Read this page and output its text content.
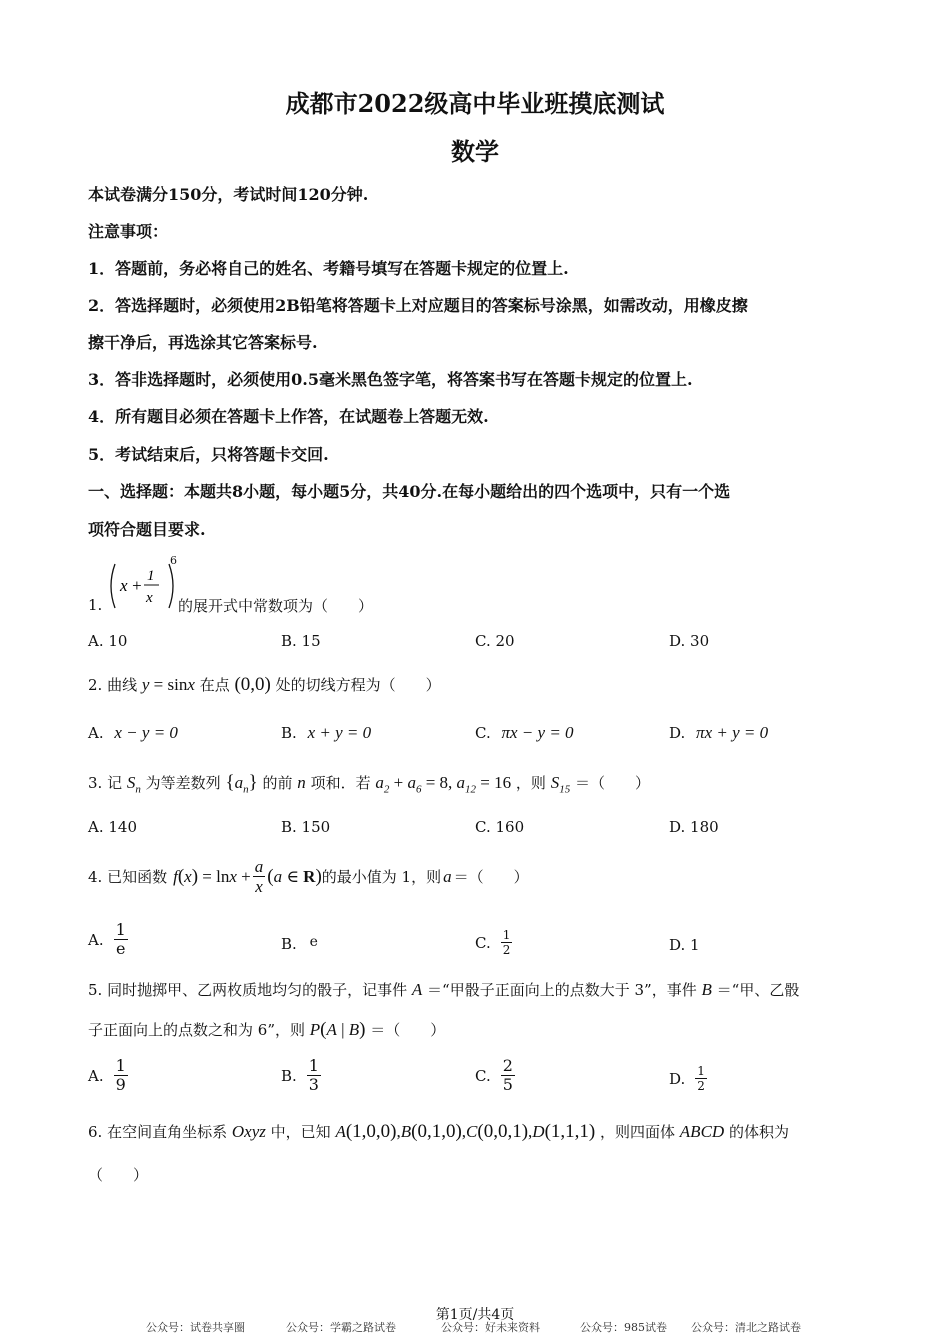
成都市2022级高中毕业班摸底测试
数学
本试卷满分150分，考试时间120分钟.
注意事项：
1．答题前，务必将自己的姓名、考籍号填写在答题卡规定的位置上.
2．答选择题时，必须使用2B铅笔将答题卡上对应题目的答案标号涂黑，如需改动，用橡皮擦
擦干净后，再选涂其它答案标号.
3．答非选择题时，必须使用0.5毫米黑色签字笔，将答案书写在答题卡规定的位置上.
4．所有题目必须在答题卡上作答，在试题卷上答题无效.
5．考试结束后，只将答题卡交回.
一、选择题：本题共8小题，每小题5分，共40分.在每小题给出的四个选项中，只有一个选
项符合题目要求.
1.
x + 1
x
6
的展开式中常数项为（　　）
A. 10	B. 15	C. 20	D. 30
2. 曲线 y = sinx 在点 (0,0) 处的切线方程为（　　）
A. x − y = 0	B. x + y = 0	C. πx − y = 0	D. πx + y = 0
3. 记 $S_n$ 为等差数列 $\{a_n\}$ 的前 n 项和．若 $a_2 + a_6 = 8$, $a_{12} = 16$ ，则 $S_{15}$ ＝（　　）
A. 140	B. 150	C. 160	D. 180
4. 已知函数 $f(x) = \ln x + \frac{a}{x} (a$ ∈ R) 的最小值为 1，则 a ＝（　　）
A. $\frac{1}{e}$	B. e	C. $\frac{1}{2}$	D. 1
5. 同时抛掷甲、乙两枚质地均匀的骰子，记事件 A ＝“甲骰子正面向上的点数大于 3”，事件 B ＝“甲、乙骰
子正面向上的点数之和为 6”，则 P(A | B) ＝（　　）
A. $\frac{1}{9}$	B. $\frac{1}{3}$	C. $\frac{2}{5}$	D. $\frac{1}{2}$
6. 在空间直角坐标系 Oxyz 中，已知 A(1,0,0),B(0,1,0),C(0,0,1),D(1,1,1) ，则四面体 ABCD 的体积为
（　　）
第1页/共4页
公众号：试卷共享圈	公众号：学霸之路试卷	公众号：好未来资料	公众号：985试卷 公众号：清北之路试卷
